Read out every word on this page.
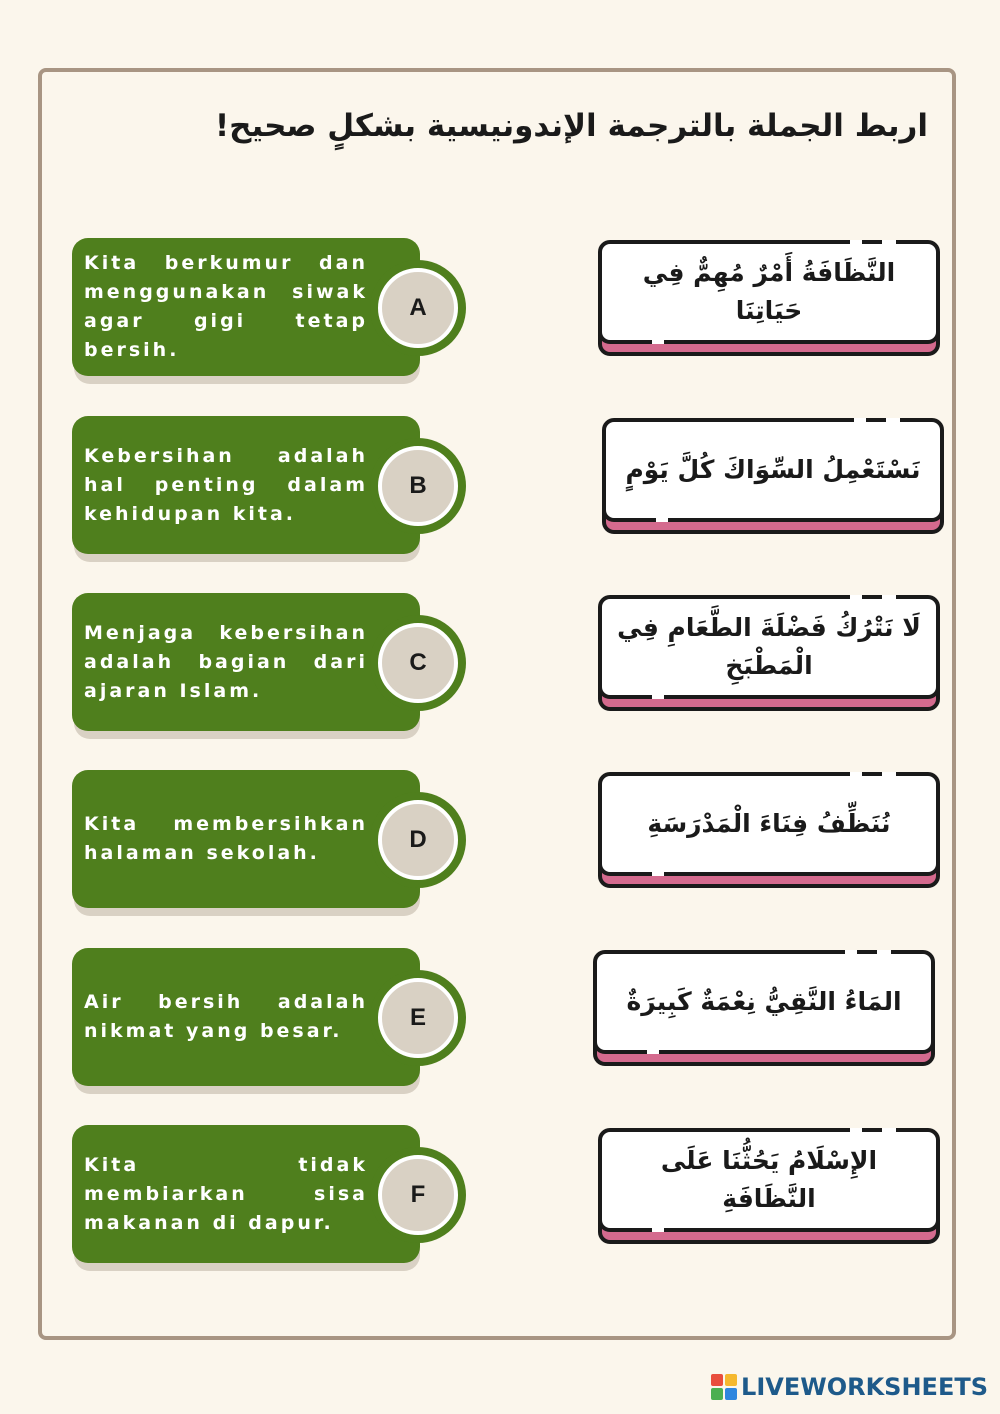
اربط الجملة بالترجمة الإندونيسية بشكلٍ صحيح!
Kita berkumur dan menggunakan siwak agar gigi tetap bersih.
A
Kebersihan adalah hal penting dalam kehidupan kita.
B
Menjaga kebersihan adalah bagian dari ajaran Islam.
C
Kita membersihkan halaman sekolah.	D
Air bersih adalah nikmat yang besar.	E
Kita tidak membiarkan sisa makanan di dapur.
F
النَّظَافَةُ أَمْرٌ مُهِمٌّ فِي حَيَاتِنَا
نَسْتَعْمِلُ السِّوَاكَ كُلَّ يَوْمٍ
لَا نَتْرُكُ فَضْلَةَ الطَّعَامِ فِي الْمَطْبَخِ
نُنَظِّفُ فِنَاءَ الْمَدْرَسَةِ
المَاءُ النَّقِيُّ نِعْمَةٌ كَبِيرَةٌ
الإِسْلَامُ يَحُثُّنَا عَلَى النَّظَافَةِ
LIVEWORKSHEETS
